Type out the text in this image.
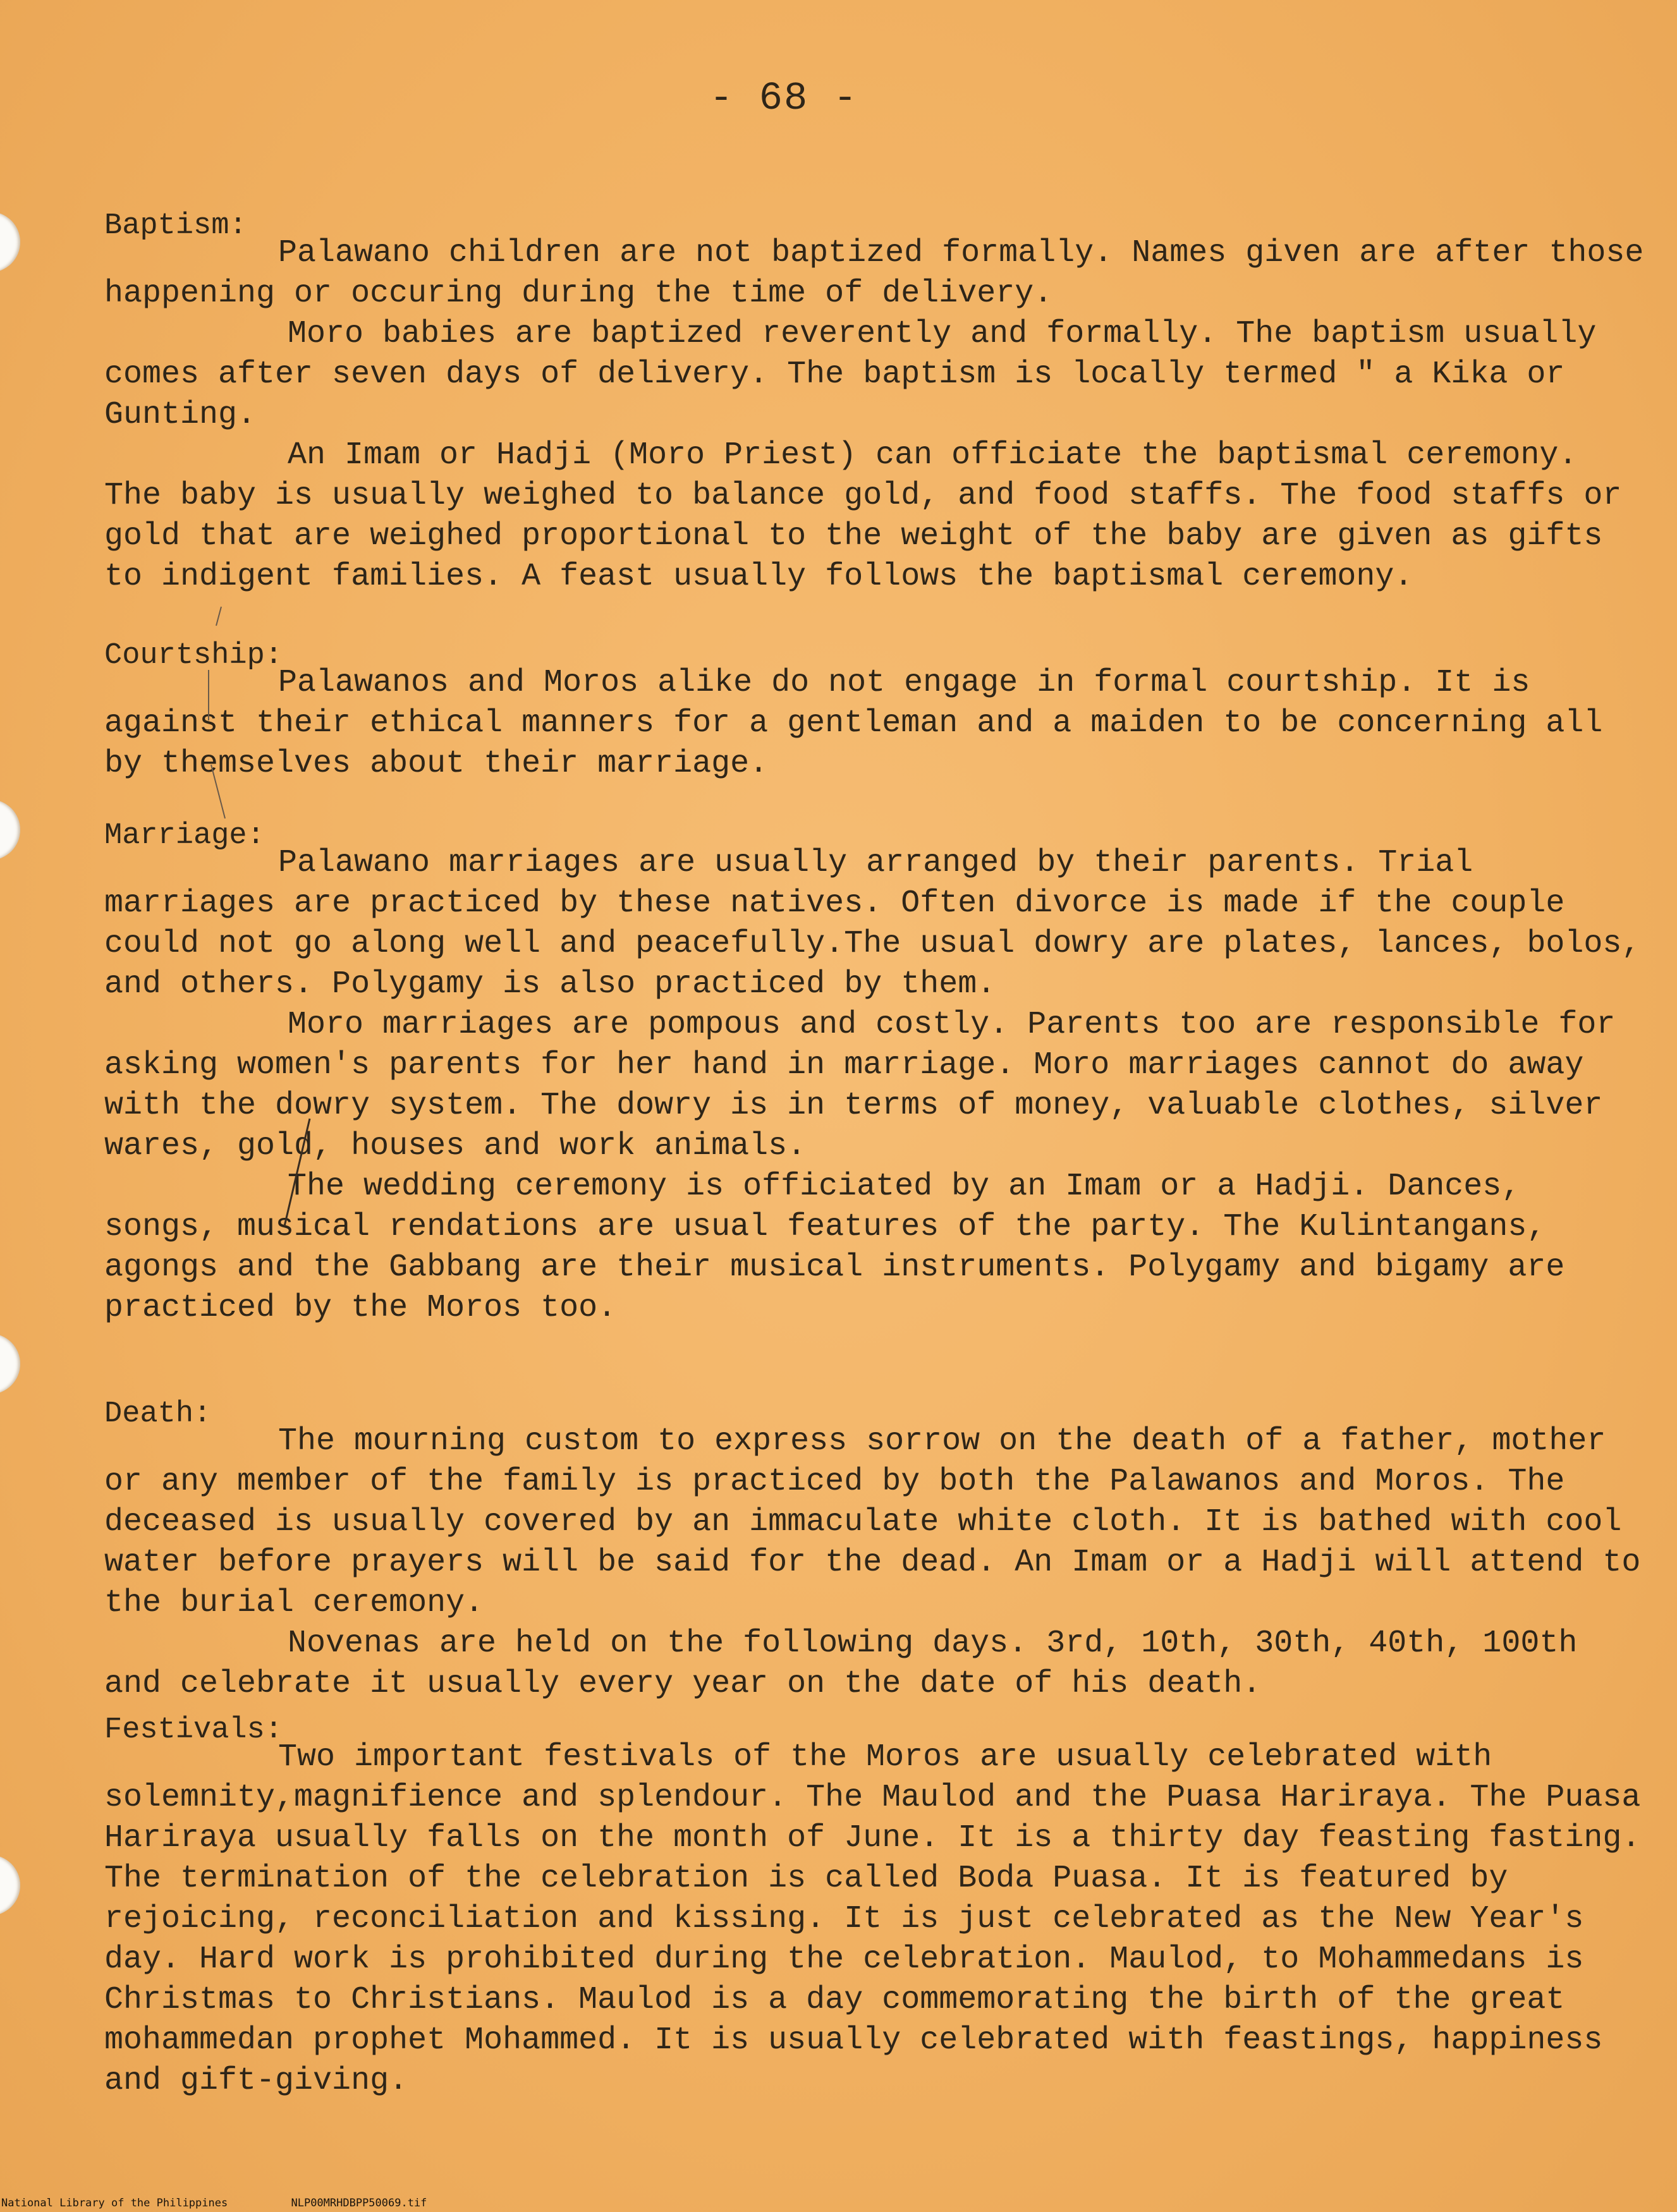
- 68 -
Baptism:

Palawano children are not baptized formally. Names given are after those happening or occuring during the time of delivery.

Moro babies are baptized reverently and formally. The baptism usually comes after seven days of delivery. The baptism is locally termed " a Kika or Gunting.

An Imam or Hadji (Moro Priest) can officiate the baptismal ceremony. The baby is usually weighed to balance gold, and food staffs. The food staffs or gold that are weighed proportional to the weight of the baby are given as gifts to indigent families. A feast usually follows the baptismal ceremony.

Courtship:

Palawanos and Moros alike do not engage in formal courtship. It is against their ethical manners for a gentleman and a maiden to be concerning all by themselves about their marriage.

Marriage:

Palawano marriages are usually arranged by their parents. Trial marriages are practiced by these natives. Often divorce is made if the couple could not go along well and peacefully.The usual dowry are plates, lances, bolos, and others. Polygamy is also practiced by them.

Moro marriages are pompous and costly. Parents too are responsible for asking women's parents for her hand in marriage. Moro marriages cannot do away with the dowry system. The dowry is in terms of money, valuable clothes, silver wares, gold, houses and work animals.

The wedding ceremony is officiated by an Imam or a Hadji. Dances, songs, musical rendations are usual features of the party. The Kulintangans, agongs and the Gabbang are their musical instruments. Polygamy and bigamy are practiced by the Moros too.

Death:

The mourning custom to express sorrow on the death of a father, mother or any member of the family is practiced by both the Palawanos and Moros. The deceased is usually covered by an immaculate white cloth. It is bathed with cool water before prayers will be said for the dead. An Imam or a Hadji will attend to the burial ceremony.

Novenas are held on the following days. 3rd, 10th, 30th, 40th, 100th and celebrate it usually every year on the date of his death.

Festivals:

Two important festivals of the Moros are usually celebrated with solemnity,magnifience and splendour. The Maulod and the Puasa Hariraya. The Puasa Hariraya usually falls on the month of June. It is a thirty day feasting fasting. The termination of the celebration is called Boda Puasa. It is featured by rejoicing, reconciliation and kissing. It is just celebrated as the New Year's day. Hard work is prohibited during the celebration. Maulod, to Mohammedans is Christmas to Christians. Maulod is a day commemorating the birth of the great mohammedan prophet Mohammed. It is usually celebrated with feastings, happiness and gift-giving.

National Library of the Philippines	NLP00MRHDBPP50069.tif
